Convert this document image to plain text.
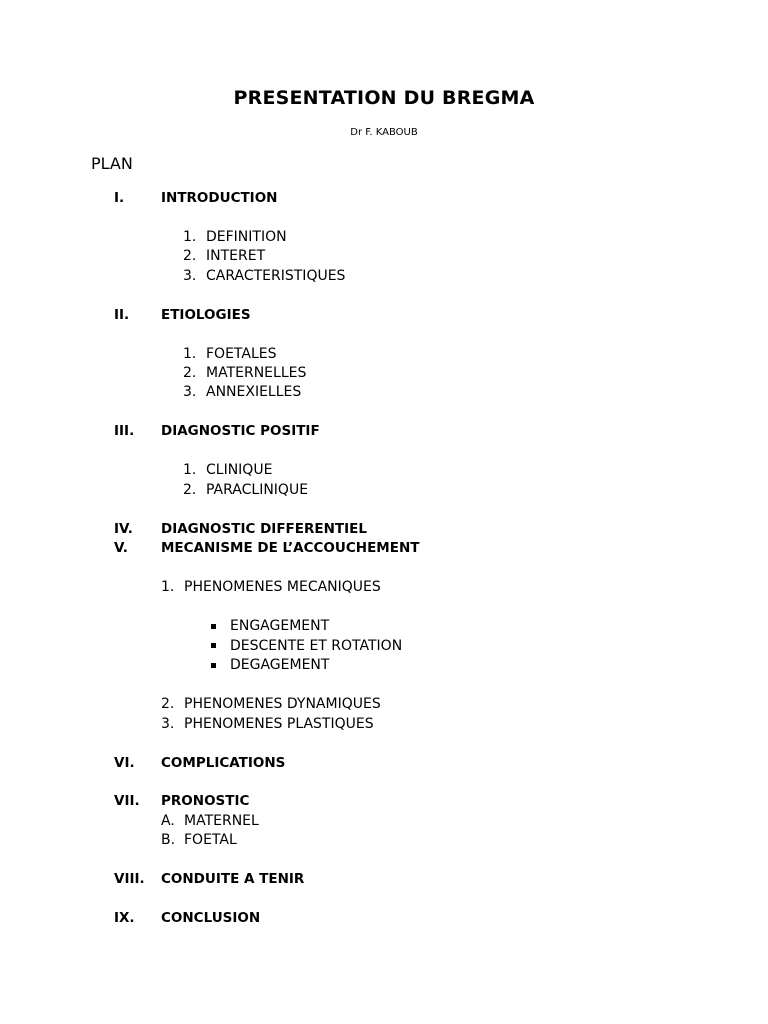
PRESENTATION DU BREGMA
Dr F. KABOUB
PLAN
I.	INTRODUCTION
1. DEFINITION
2. INTERET
3. CARACTERISTIQUES
II. ETIOLOGIES
1. FOETALES
2. MATERNELLES
3. ANNEXIELLES
III. DIAGNOSTIC POSITIF
1. CLINIQUE
2. PARACLINIQUE
IV. DIAGNOSTIC DIFFERENTIEL
V. MECANISME DE L’ACCOUCHEMENT
1. PHENOMENES MECANIQUES
ENGAGEMENT
DESCENTE ET ROTATION
DEGAGEMENT
2. PHENOMENES DYNAMIQUES
3. PHENOMENES PLASTIQUES
VI. COMPLICATIONS
VII. PRONOSTIC
A. MATERNEL
B. FOETAL
VIII. CONDUITE A TENIR
IX. CONCLUSION
